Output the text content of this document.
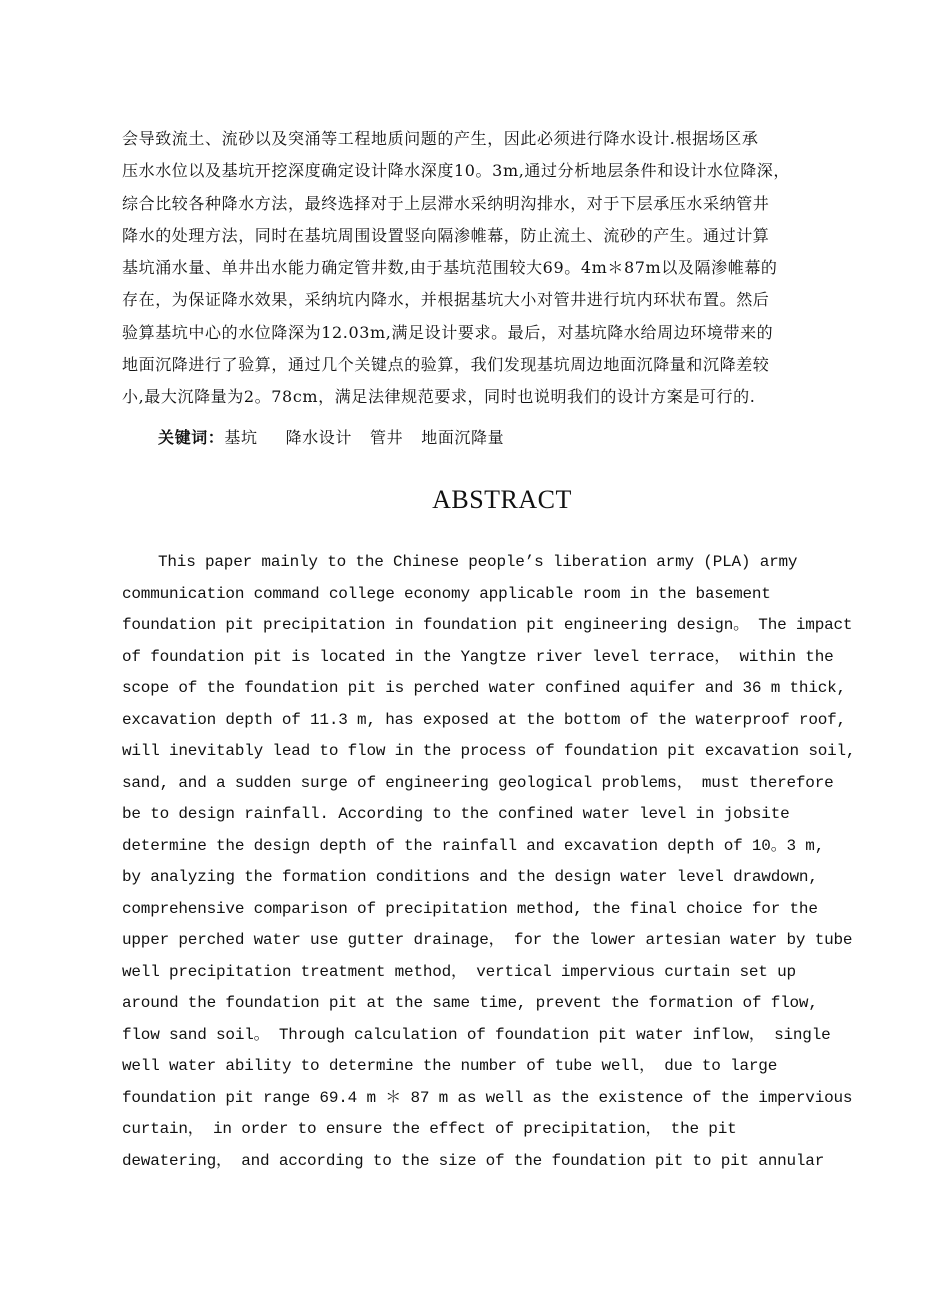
会导致流土、流砂以及突涌等工程地质问题的产生，因此必须进行降水设计.根据场区承
压水水位以及基坑开挖深度确定设计降水深度10。3m,通过分析地层条件和设计水位降深，
综合比较各种降水方法，最终选择对于上层滞水采纳明沟排水，对于下层承压水采纳管井
降水的处理方法，同时在基坑周围设置竖向隔渗帷幕，防止流土、流砂的产生。通过计算
基坑涌水量、单井出水能力确定管井数,由于基坑范围较大69。4m＊87m以及隔渗帷幕的
存在，为保证降水效果，采纳坑内降水，并根据基坑大小对管井进行坑内环状布置。然后
验算基坑中心的水位降深为12.03m,满足设计要求。最后，对基坑降水给周边环境带来的
地面沉降进行了验算，通过几个关键点的验算，我们发现基坑周边地面沉降量和沉降差较
小,最大沉降量为2。78cm，满足法律规范要求，同时也说明我们的设计方案是可行的.
关键词：基坑 降水设计 管井 地面沉降量
ABSTRACT
This paper mainly to the Chinese people’s liberation army (PLA) army
communication command college economy applicable room in the basement
foundation pit precipitation in foundation pit engineering design。 The impact
of foundation pit is located in the Yangtze river level terrace， within the
scope of the foundation pit is perched water confined aquifer and 36 m thick,
excavation depth of 11.3 m, has exposed at the bottom of the waterproof roof,
will inevitably lead to flow in the process of foundation pit excavation soil,
sand, and a sudden surge of engineering geological problems， must therefore
be to design rainfall. According to the confined water level in jobsite
determine the design depth of the rainfall and excavation depth of 10。3 m,
by analyzing the formation conditions and the design water level drawdown,
comprehensive comparison of precipitation method, the final choice for the
upper perched water use gutter drainage， for the lower artesian water by tube
well precipitation treatment method， vertical impervious curtain set up
around the foundation pit at the same time, prevent the formation of flow,
flow sand soil。 Through calculation of foundation pit water inflow， single
well water ability to determine the number of tube well， due to large
foundation pit range 69.4 m ＊ 87 m as well as the existence of the impervious
curtain， in order to ensure the effect of precipitation， the pit
dewatering， and according to the size of the foundation pit to pit annular
